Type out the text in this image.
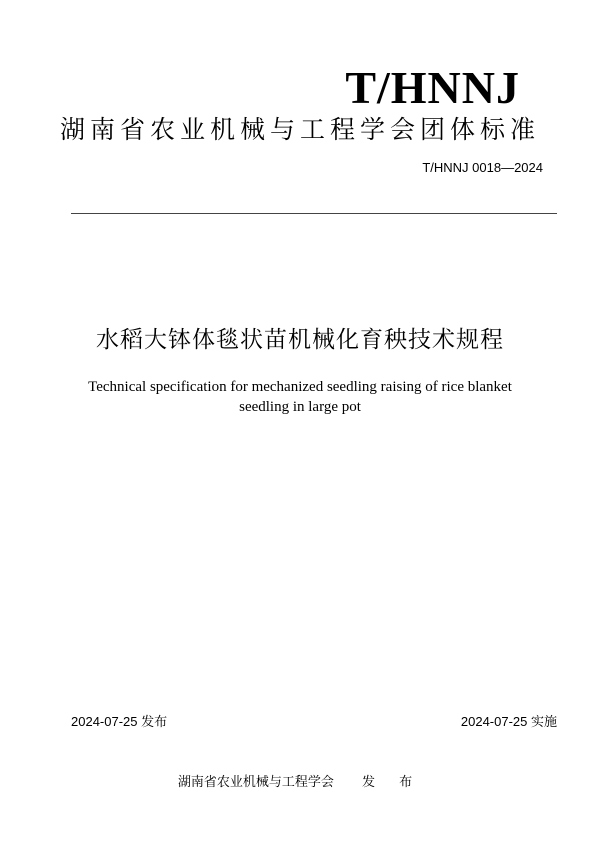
T/HNNJ
湖南省农业机械与工程学会团体标准
T/HNNJ 0018—2024
水稻大钵体毯状苗机械化育秧技术规程
Technical specification for mechanized seedling raising of rice blanket seedling in large pot
2024-07-25 发布	2024-07-25 实施
湖南省农业机械与工程学会 发 布
